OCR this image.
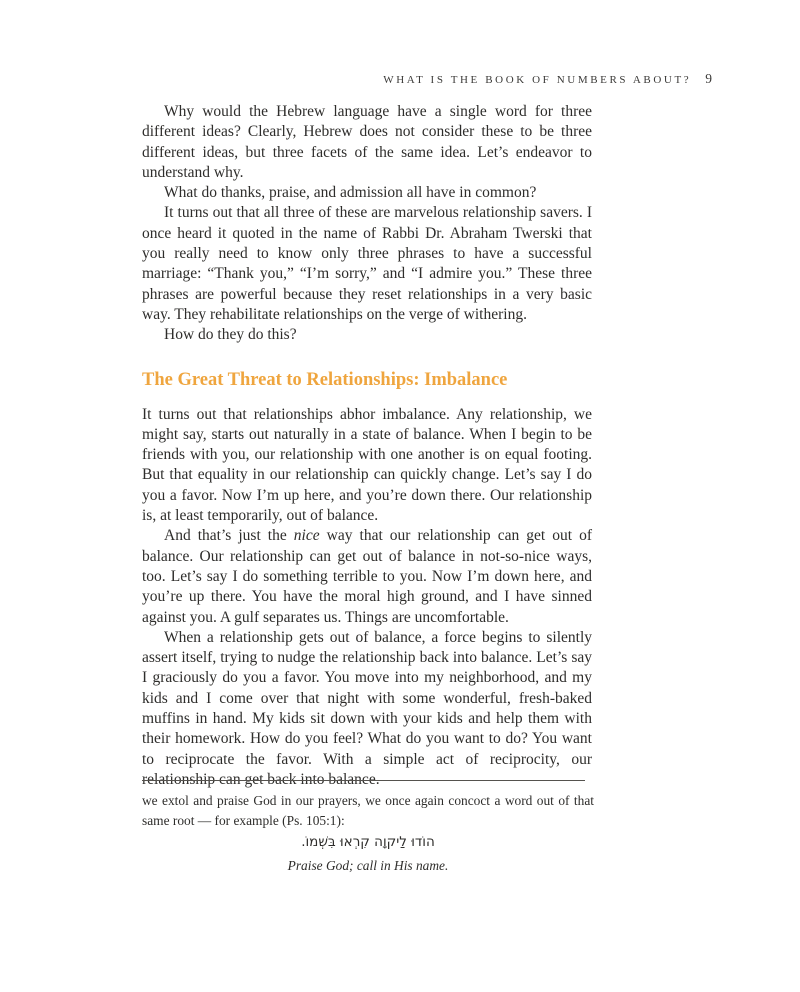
WHAT IS THE BOOK OF NUMBERS ABOUT? 9

Why would the Hebrew language have a single word for three different ideas? Clearly, Hebrew does not consider these to be three different ideas, but three facets of the same idea. Let’s endeavor to understand why.

What do thanks, praise, and admission all have in common?

It turns out that all three of these are marvelous relationship savers. I once heard it quoted in the name of Rabbi Dr. Abraham Twerski that you really need to know only three phrases to have a successful marriage: “Thank you,” “I’m sorry,” and “I admire you.” These three phrases are powerful because they reset relationships in a very basic way. They rehabilitate relationships on the verge of withering.

How do they do this?

The Great Threat to Relationships: Imbalance

It turns out that relationships abhor imbalance. Any relationship, we might say, starts out naturally in a state of balance. When I begin to be friends with you, our relationship with one another is on equal footing. But that equality in our relationship can quickly change. Let’s say I do you a favor. Now I’m up here, and you’re down there. Our relationship is, at least temporarily, out of balance.

And that’s just the nice way that our relationship can get out of balance. Our relationship can get out of balance in not-so-nice ways, too. Let’s say I do something terrible to you. Now I’m down here, and you’re up there. You have the moral high ground, and I have sinned against you. A gulf separates us. Things are uncomfortable.

When a relationship gets out of balance, a force begins to silently assert itself, trying to nudge the relationship back into balance. Let’s say I graciously do you a favor. You move into my neighborhood, and my kids and I come over that night with some wonderful, fresh-baked muffins in hand. My kids sit down with your kids and help them with their homework. How do you feel? What do you want to do? You want to reciprocate the favor. With a simple act of reciprocity, our relationship can get back into balance.

we extol and praise God in our prayers, we once again concoct a word out of that same root — for example (Ps. 105:1):

הוֹדוּ לַיקוָה קִרְאוּ בִּשְׁמוֹ.

Praise God; call in His name.
